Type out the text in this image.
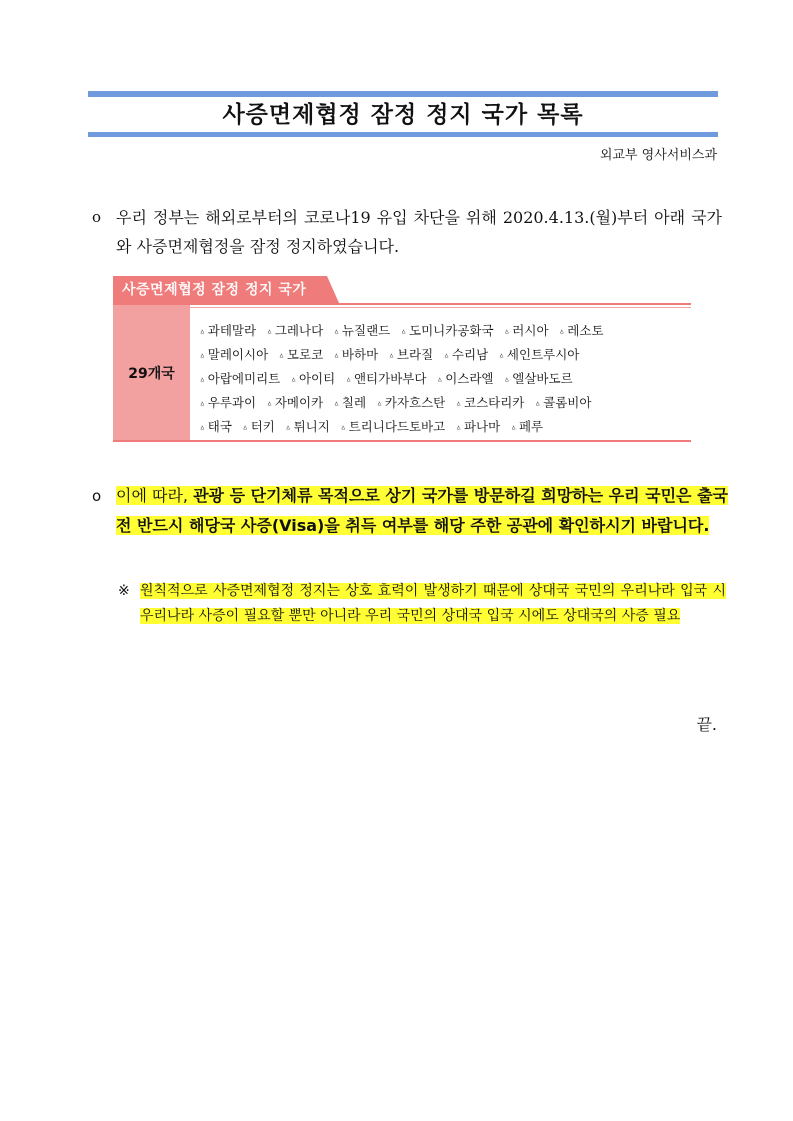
사증면제협정 잠정 정지 국가 목록
외교부 영사서비스과
o 우리 정부는 해외로부터의 코로나19 유입 차단을 위해 2020.4.13.(월)부터 아래 국가와 사증면제협정을 잠정 정지하였습니다.
사증면제협정 잠정 정지 국가
29개국
ㅿ 과테말라 ㅿ 그레나다 ㅿ 뉴질랜드 ㅿ 도미니카공화국 ㅿ 러시아 ㅿ 레소토
ㅿ 말레이시아 ㅿ 모로코 ㅿ 바하마 ㅿ 브라질 ㅿ 수리남 ㅿ 세인트루시아
ㅿ 아랍에미리트 ㅿ 아이티 ㅿ 앤티가바부다 ㅿ 이스라엘 ㅿ 엘살바도르
ㅿ 우루과이 ㅿ 자메이카 ㅿ 칠레 ㅿ 카자흐스탄 ㅿ 코스타리카 ㅿ 콜롬비아
ㅿ 태국 ㅿ 터키 ㅿ 튀니지 ㅿ 트리니다드토바고 ㅿ 파나마 ㅿ 페루
o 이에 따라, 관광 등 단기체류 목적으로 상기 국가를 방문하길 희망하는 우리 국민은 출국 전 반드시 해당국 사증(Visa)을 취득 여부를 해당 주한 공관에 확인하시기 바랍니다.
※ 원칙적으로 사증면제협정 정지는 상호 효력이 발생하기 때문에 상대국 국민의 우리나라 입국 시 우리나라 사증이 필요할 뿐만 아니라 우리 국민의 상대국 입국 시에도 상대국의 사증 필요
끝.
